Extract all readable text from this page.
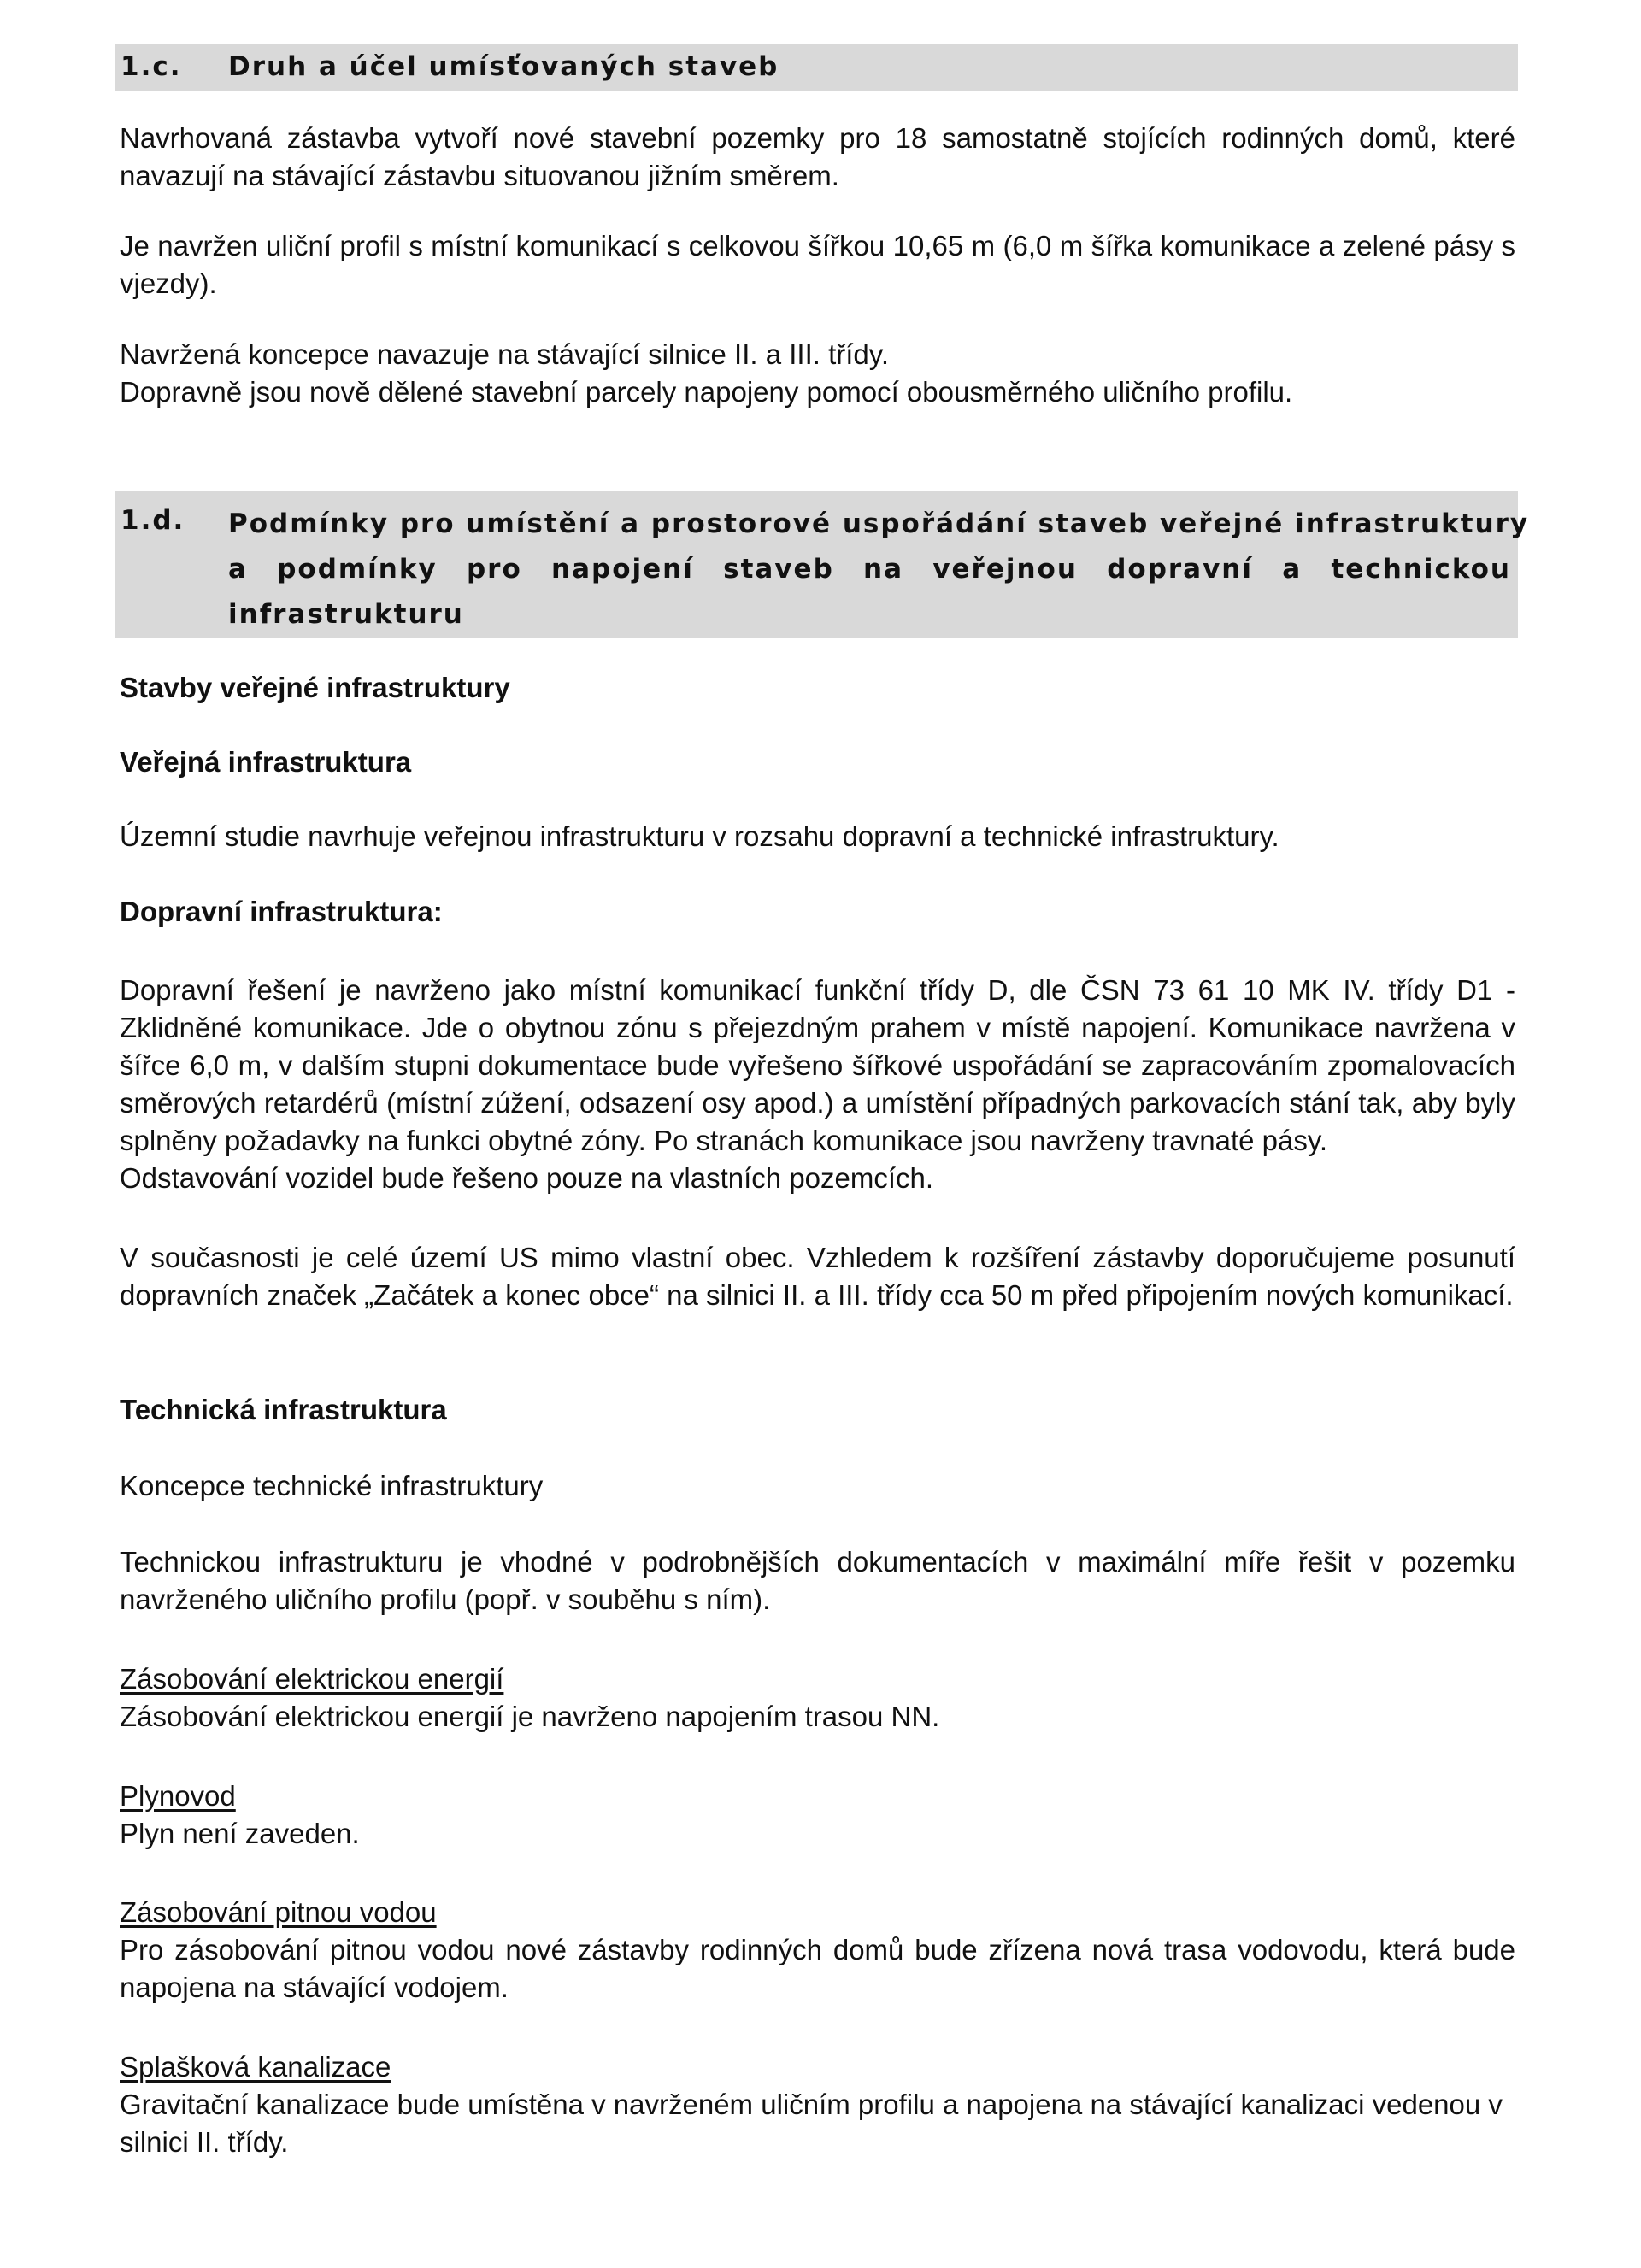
1.c. Druh a účel umísťovaných staveb

Navrhovaná zástavba vytvoří nové stavební pozemky pro 18 samostatně stojících rodinných domů, které navazují na stávající zástavbu situovanou jižním směrem.

Je navržen uliční profil s místní komunikací s celkovou šířkou 10,65 m (6,0 m šířka komunikace a zelené pásy s vjezdy).

Navržená koncepce navazuje na stávající silnice II. a III. třídy.

Dopravně jsou nově dělené stavební parcely napojeny pomocí obousměrného uličního profilu.

1.d. Podmínky pro umístění a prostorové uspořádání staveb veřejné infrastruktury
a podmínky pro napojení staveb na veřejnou dopravní a technickou
infrastrukturu
Stavby veřejné infrastruktury
Veřejná infrastruktura
Územní studie navrhuje veřejnou infrastrukturu v rozsahu dopravní a technické infrastruktury.
Dopravní infrastruktura:

Dopravní řešení je navrženo jako místní komunikací funkční třídy D, dle ČSN 73 61 10 MK IV. třídy D1 - Zklidněné komunikace. Jde o obytnou zónu s přejezdným prahem v místě napojení. Komunikace navržena v šířce 6,0 m, v dalším stupni dokumentace bude vyřešeno šířkové uspořádání se zapracováním zpomalovacích směrových retardérů (místní zúžení, odsazení osy apod.) a umístění případných parkovacích stání tak, aby byly splněny požadavky na funkci obytné zóny. Po stranách komunikace jsou navrženy travnaté pásy.

Odstavování vozidel bude řešeno pouze na vlastních pozemcích.

V současnosti je celé území US mimo vlastní obec. Vzhledem k rozšíření zástavby doporučujeme posunutí dopravních značek „Začátek a konec obce“ na silnici II. a III. třídy cca 50 m před připojením nových komunikací.
Technická infrastruktura
Koncepce technické infrastruktury
Technickou infrastrukturu je vhodné v podrobnějších dokumentacích v maximální míře řešit v pozemku navrženého uličního profilu (popř. v souběhu s ním).

Zásobování elektrickou energií

Zásobování elektrickou energií je navrženo napojením trasou NN.

Plynovod

Plyn není zaveden.

Zásobování pitnou vodou

Pro zásobování pitnou vodou nové zástavby rodinných domů bude zřízena nová trasa vodovodu, která bude napojena na stávající vodojem.

Splašková kanalizace

Gravitační kanalizace bude umístěna v navrženém uličním profilu a napojena na stávající kanalizaci vedenou v silnici II. třídy.
